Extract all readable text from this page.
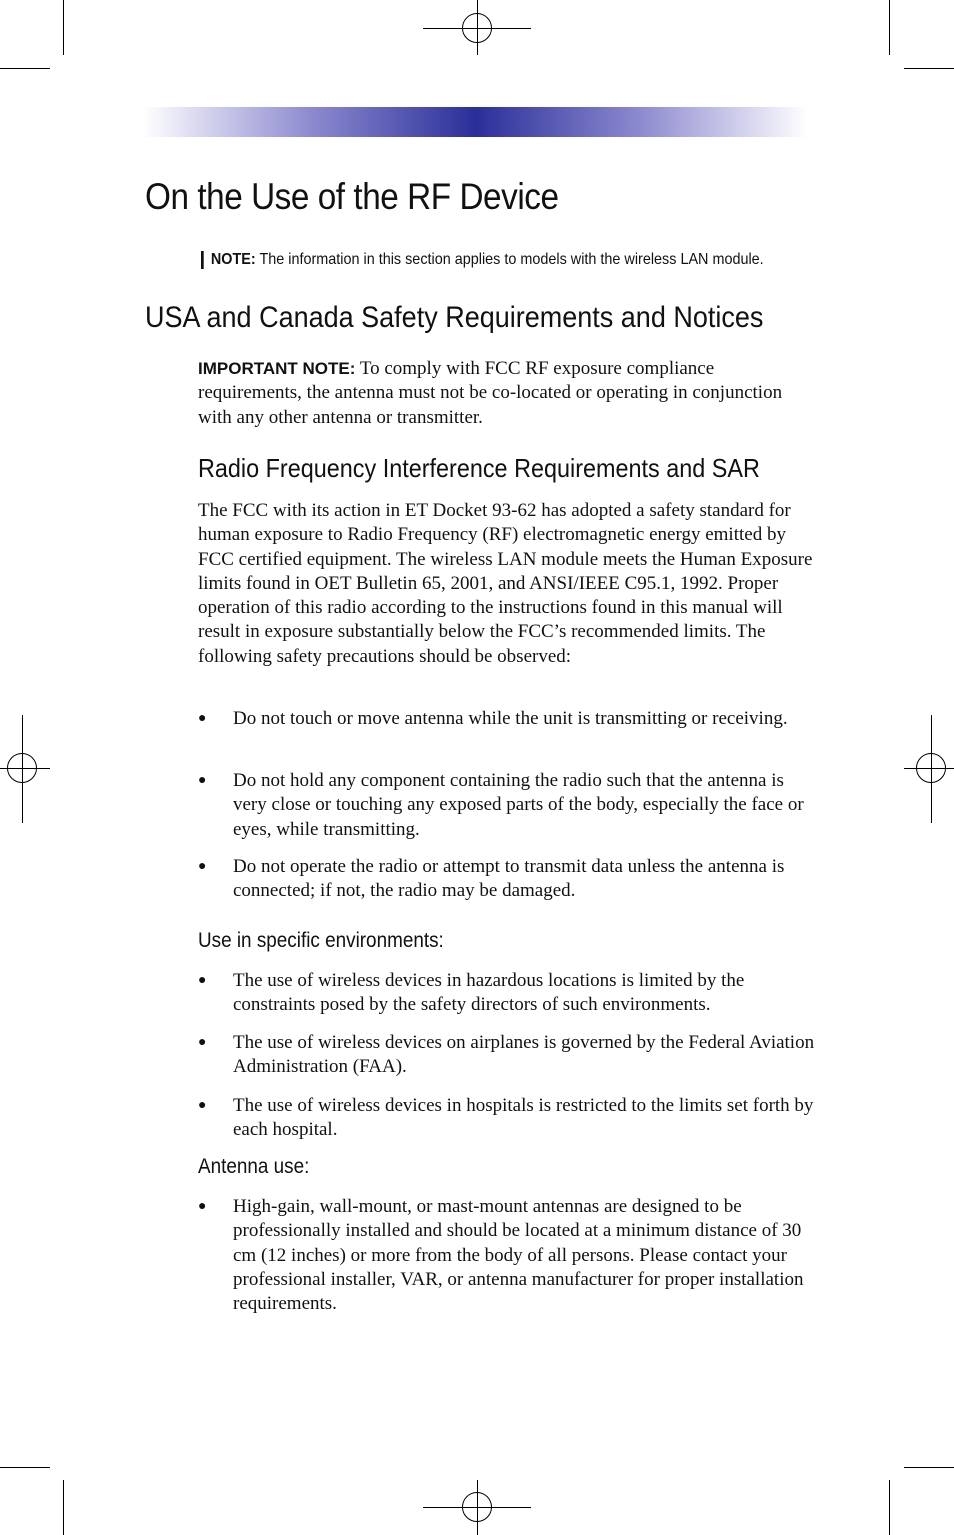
On the Use of the RF Device
NOTE: The information in this section applies to models with the wireless LAN module.
USA and Canada Safety Requirements and Notices
IMPORTANT NOTE: To comply with FCC RF exposure compliance requirements, the antenna must not be co-located or operating in conjunction with any other antenna or transmitter.
Radio Frequency Interference Requirements and SAR
The FCC with its action in ET Docket 93-62 has adopted a safety standard for human exposure to Radio Frequency (RF) electromagnetic energy emitted by FCC certified equipment. The wireless LAN module meets the Human Exposure limits found in OET Bulletin 65, 2001, and ANSI/IEEE C95.1, 1992. Proper operation of this radio according to the instructions found in this manual will result in exposure substantially below the FCC’s recommended limits. The following safety precautions should be observed:
●	Do not touch or move antenna while the unit is transmitting or receiving.
●	Do not hold any component containing the radio such that the antenna is very close or touching any exposed parts of the body, especially the face or eyes, while transmitting.
●	Do not operate the radio or attempt to transmit data unless the antenna is connected; if not, the radio may be damaged.
Use in specific environments:
●	The use of wireless devices in hazardous locations is limited by the constraints posed by the safety directors of such environments.
●	The use of wireless devices on airplanes is governed by the Federal Aviation Administration (FAA).
●	The use of wireless devices in hospitals is restricted to the limits set forth by each hospital.
Antenna use:
●	High-gain, wall-mount, or mast-mount antennas are designed to be professionally installed and should be located at a minimum distance of 30 cm (12 inches) or more from the body of all persons. Please contact your professional installer, VAR, or antenna manufacturer for proper installation requirements.
